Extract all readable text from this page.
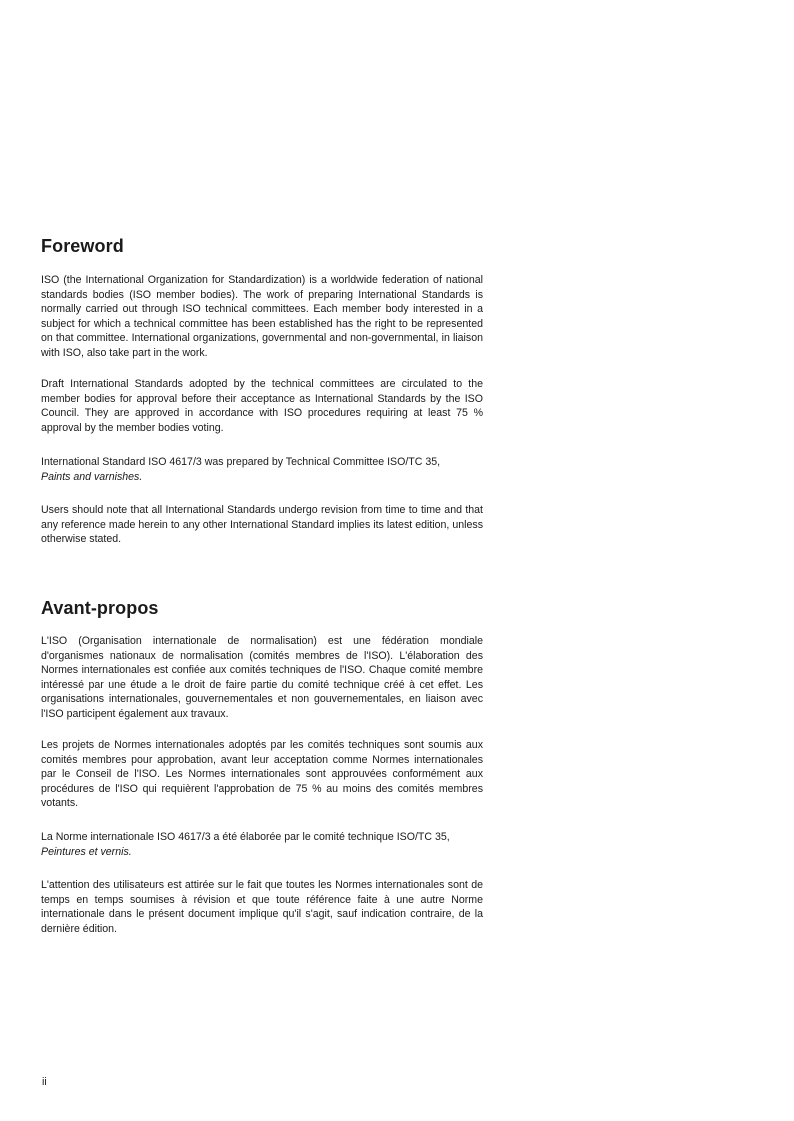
Foreword

ISO (the International Organization for Standardization) is a worldwide federation of national standards bodies (ISO member bodies). The work of preparing International Standards is normally carried out through ISO technical committees. Each member body interested in a subject for which a technical committee has been established has the right to be represented on that committee. International organizations, governmental and non-governmental, in liaison with ISO, also take part in the work.

Draft International Standards adopted by the technical committees are circulated to the member bodies for approval before their acceptance as International Standards by the ISO Council. They are approved in accordance with ISO procedures requiring at least 75 % approval by the member bodies voting.

International Standard ISO 4617/3 was prepared by Technical Committee ISO/TC 35,
Paints and varnishes.

Users should note that all International Standards undergo revision from time to time and that any reference made herein to any other International Standard implies its latest edition, unless otherwise stated.

Avant-propos

L'ISO (Organisation internationale de normalisation) est une fédération mondiale d'organismes nationaux de normalisation (comités membres de l'ISO). L'élaboration des Normes internationales est confiée aux comités techniques de l'ISO. Chaque comité membre intéressé par une étude a le droit de faire partie du comité technique créé à cet effet. Les organisations internationales, gouvernementales et non gouvernementales, en liaison avec l'ISO participent également aux travaux.

Les projets de Normes internationales adoptés par les comités techniques sont soumis aux comités membres pour approbation, avant leur acceptation comme Normes internationales par le Conseil de l'ISO. Les Normes internationales sont approuvées conformément aux procédures de l'ISO qui requièrent l'approbation de 75 % au moins des comités membres votants.

La Norme internationale ISO 4617/3 a été élaborée par le comité technique ISO/TC 35,
Peintures et vernis.

L'attention des utilisateurs est attirée sur le fait que toutes les Normes internationales sont de temps en temps soumises à révision et que toute référence faite à une autre Norme internationale dans le présent document implique qu'il s'agit, sauf indication contraire, de la dernière édition.

ii
